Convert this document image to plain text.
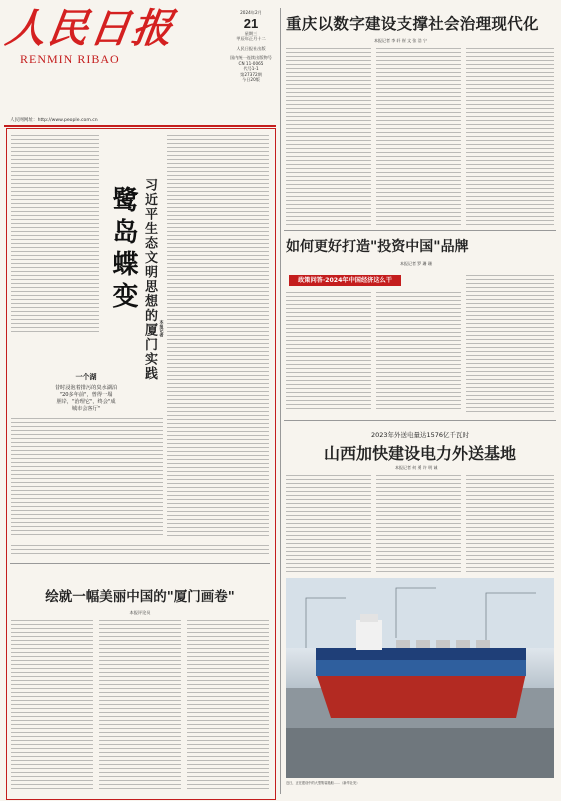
人民日报
RENMIN RIBAO
人民网网址：http://www.people.com.cn
2024年2月
21
星期三
甲辰年正月十二
人民日报社出版
国内统一连续出版物号
CN 11-0065
代号1-1
第27372期
今日20版
重庆以数字建设支撑社会治理现代化
本报记者 李 轩 崔 文 张 浩 宁
如何更好打造"投资中国"品牌
本报记者 罗 珊 珊
政策问答·2024年中国经济这么干
2023年外送电量达1576亿千瓦时
山西加快建设电力外送基地
本报记者 何 勇 许 明 诚
近日，正在建设中的大型集装箱船……（新华社发）
鹭岛蝶变 习近平生态文明思想的厦门实践 本报记者
一个湖
昔时浸泡着排污的臭水湖泊
"20多年前"，曾得一塌
胆岸，"治理它"，终会"成
城市会客厅"
绘就一幅美丽中国的"厦门画卷"
本报评论员
